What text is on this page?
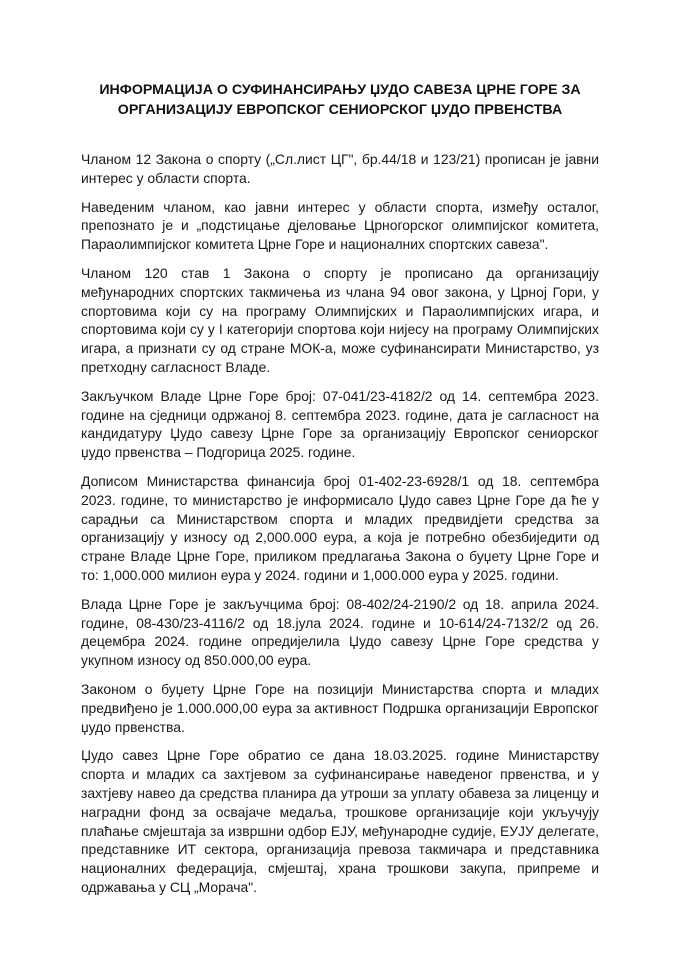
ИНФОРМАЦИЈА О СУФИНАНСИРАЊУ ЏУДО САВЕЗА ЦРНЕ ГОРЕ ЗА
ОРГАНИЗАЦИЈУ ЕВРОПСКОГ СЕНИОРСКОГ ЏУДО ПРВЕНСТВА

Чланом 12 Закона о спорту („Сл.лист ЦГ", бр.44/18 и 123/21) прописан је јавни интерес у области спорта.

Наведеним чланом, као јавни интерес у области спорта, између осталог, препознато је и „подстицање дјеловање Црногорског олимпијског комитета, Параолимпијског комитета Црне Горе и националних спортских савеза".

Чланом 120 став 1 Закона о спорту је прописано да организацију међународних спортских такмичења из члана 94 овог закона, у Црној Гори, у спортовима који су на програму Олимпијских и Параолимпијских игара, и спортовима који су у I категорији спортова који нијесу на програму Олимпијских игара, а признати су од стране МОК-а, може суфинансирати Министарство, уз претходну сагласност Владе.

Закључком Владе Црне Горе број: 07-041/23-4182/2 од 14. септембра 2023. године на сједници одржаној 8. септембра 2023. године, дата је сагласност на кандидатуру Џудо савезу Црне Горе за организацију Европског сениорског џудо првенства – Подгорица 2025. године.

Дописом Министарства финансија број 01-402-23-6928/1 од 18. септембра 2023. године, то министарство је информисало Џудо савез Црне Горе да ће у сарадњи са Министарством спорта и младих предвидјети средства за организацију у износу од 2,000.000 еура, а која је потребно обезбиједити од стране Владе Црне Горе, приликом предлагања Закона о буџету Црне Горе и то: 1,000.000 милион еура у 2024. години и 1,000.000 еура у 2025. години.

Влада Црне Горе је закључцима број: 08-402/24-2190/2 од 18. априла 2024. године, 08-430/23-4116/2 од 18.јула 2024. године и 10-614/24-7132/2 од 26. децембра 2024. године опредијелила Џудо савезу Црне Горе средства у укупном износу од 850.000,00 еура.

Законом о буџету Црне Горе на позицији Министарства спорта и младих предвиђено је 1.000.000,00 еура за активност Подршка организацији Европског џудо првенства.

Џудо савез Црне Горе обратио се дана 18.03.2025. године Министарству спорта и младих са захтјевом за суфинансирање наведеног првенства, и у захтјеву навео да средства планира да утроши за уплату обавеза за лиценцу и наградни фонд за освајаче медаља, трошкове организације који укључују плаћање смјештаја за извршни одбор ЕЈУ, међународне судије, ЕУЈУ делегате, представнике ИТ сектора, организација превоза такмичара и представника националних федерација, смјештај, храна трошкови закупа, припреме и одржавања у СЦ „Морача".
